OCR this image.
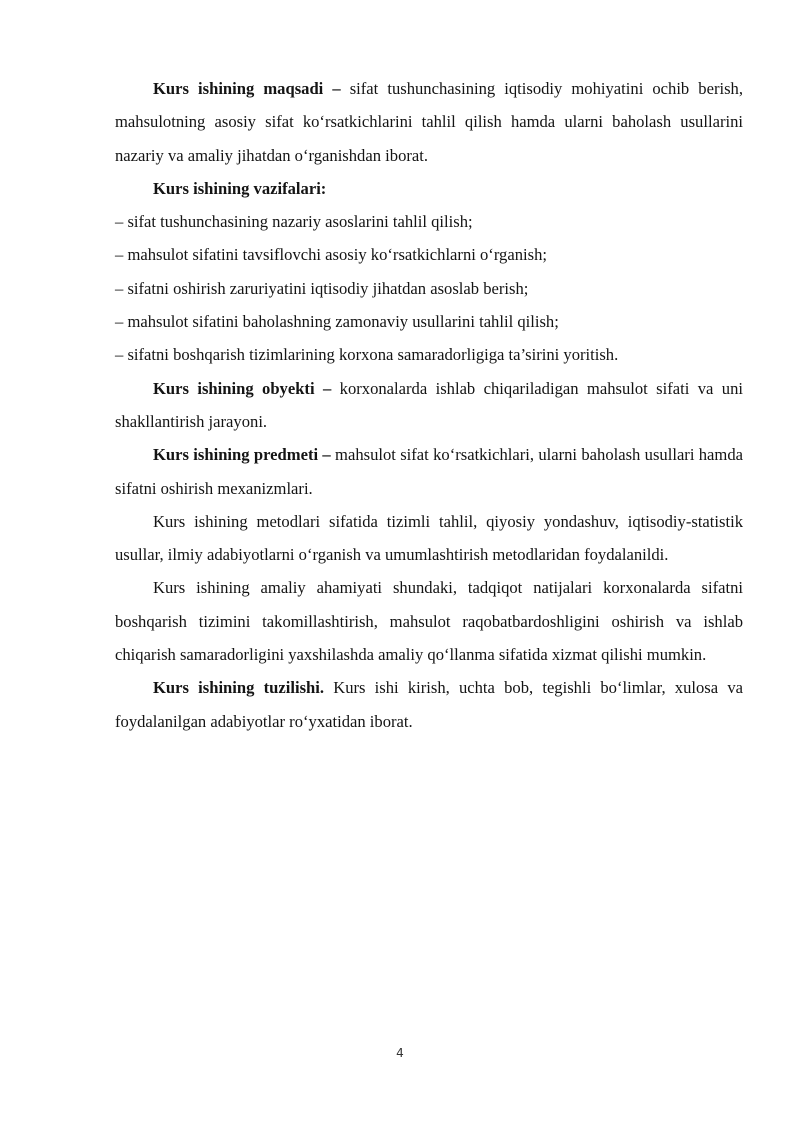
Kurs ishining maqsadi – sifat tushunchasining iqtisodiy mohiyatini ochib berish, mahsulotning asosiy sifat ko‘rsatkichlarini tahlil qilish hamda ularni baholash usullarini nazariy va amaliy jihatdan o‘rganishdan iborat.

Kurs ishining vazifalari:

– sifat tushunchasining nazariy asoslarini tahlil qilish;

– mahsulot sifatini tavsiflovchi asosiy ko‘rsatkichlarni o‘rganish;

– sifatni oshirish zaruriyatini iqtisodiy jihatdan asoslab berish;

– mahsulot sifatini baholashning zamonaviy usullarini tahlil qilish;

– sifatni boshqarish tizimlarining korxona samaradorligiga ta’sirini yoritish.

Kurs ishining obyekti – korxonalarda ishlab chiqariladigan mahsulot sifati va uni shakllantirish jarayoni.

Kurs ishining predmeti – mahsulot sifat ko‘rsatkichlari, ularni baholash usullari hamda sifatni oshirish mexanizmlari.

Kurs ishining metodlari sifatida tizimli tahlil, qiyosiy yondashuv, iqtisodiy-statistik usullar, ilmiy adabiyotlarni o‘rganish va umumlashtirish metodlaridan foydalanildi.

Kurs ishining amaliy ahamiyati shundaki, tadqiqot natijalari korxonalarda sifatni boshqarish tizimini takomillashtirish, mahsulot raqobatbardoshligini oshirish va ishlab chiqarish samaradorligini yaxshilashda amaliy qo‘llanma sifatida xizmat qilishi mumkin.

Kurs ishining tuzilishi. Kurs ishi kirish, uchta bob, tegishli bo‘limlar, xulosa va foydalanilgan adabiyotlar ro‘yxatidan iborat.

4
